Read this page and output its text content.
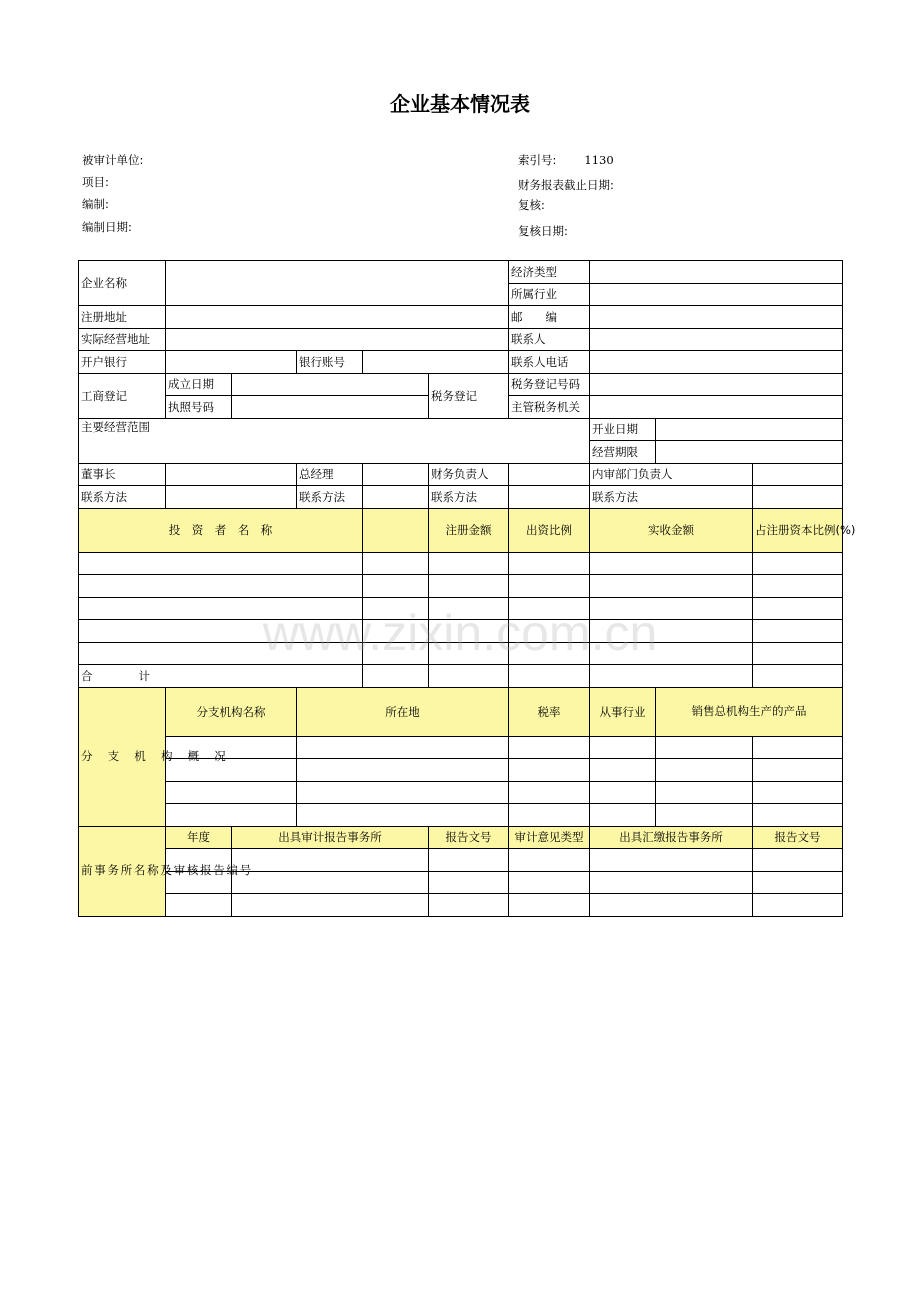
企业基本情况表
被审计单位:
项目:
编制:
编制日期:
索引号: 1130
财务报表截止日期:
复核:
复核日期:
企业名称						经济类型				
						所属行业				
注册地址						邮　　编				
实际经营地址						联系人				
开户银行			银行账号			联系人电话				
工商登记	成立日期				税务登记	税务登记号码				
	执照号码					主管税务机关				
主要经营范围							开业日期			
							经营期限			
董事长			总经理		财务负责人		内审部门负责人			
联系方法			联系方法		联系方法		联系方法			
投　资　者　名　称					注册金额	出资比例	实收金额		占注册资本比例(%)	

合　　　　计										
分 支 机 构 概 况	分支机构名称		所在地			税率	从事行业	销售总机构生产的产品	

前事务所名称及审核报告编号	年度	出具审计报告事务所			报告文号	审计意见类型	出具汇缴报告事务所		报告文号	

www.zixin.com.cn
